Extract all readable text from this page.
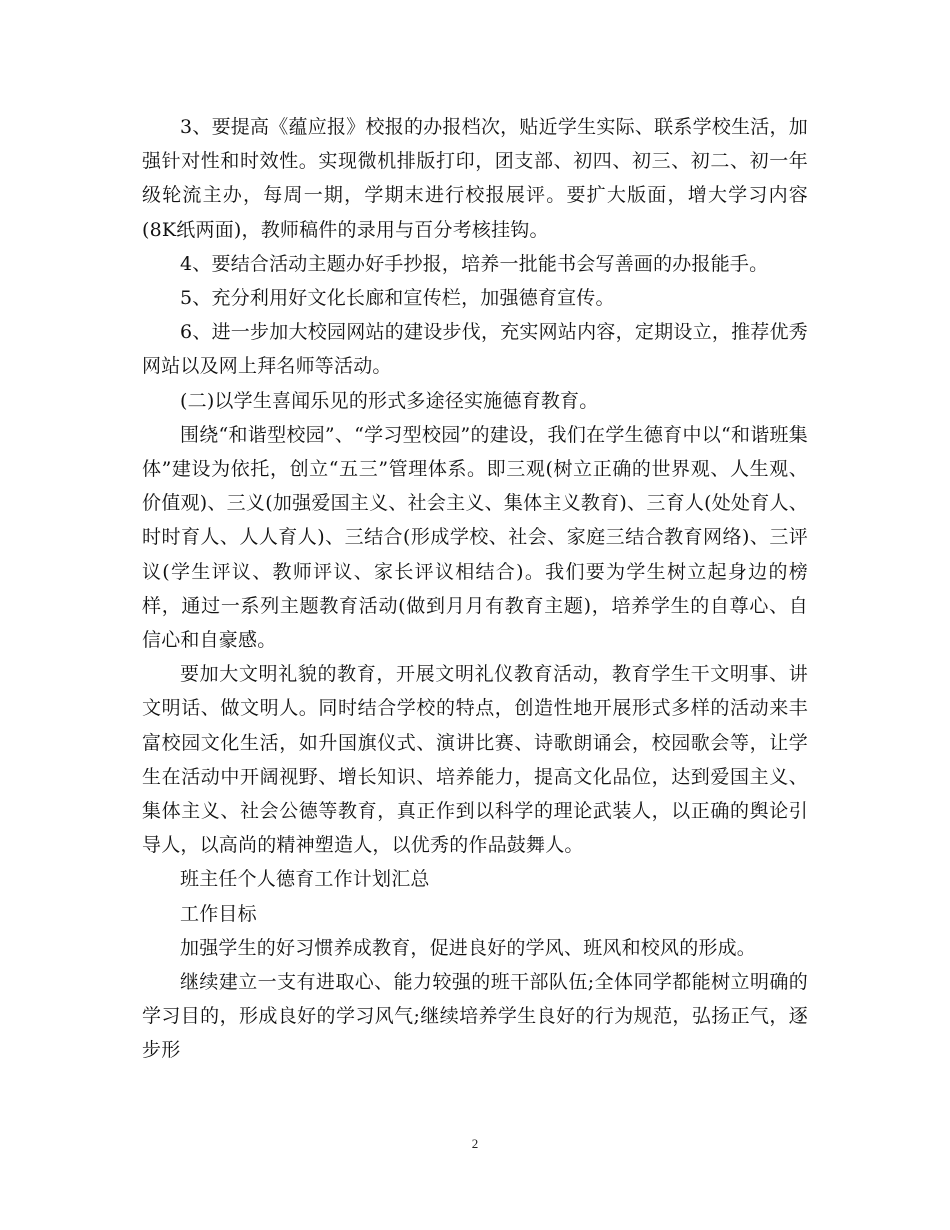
3、要提高《蕴应报》校报的办报档次，贴近学生实际、联系学校生活，加强针对性和时效性。实现微机排版打印，团支部、初四、初三、初二、初一年级轮流主办，每周一期，学期末进行校报展评。要扩大版面，增大学习内容(8K纸两面)，教师稿件的录用与百分考核挂钩。

4、要结合活动主题办好手抄报，培养一批能书会写善画的办报能手。

5、充分利用好文化长廊和宣传栏，加强德育宣传。

6、进一步加大校园网站的建设步伐，充实网站内容，定期设立，推荐优秀网站以及网上拜名师等活动。

(二)以学生喜闻乐见的形式多途径实施德育教育。

围绕“和谐型校园”、“学习型校园”的建设，我们在学生德育中以“和谐班集体”建设为依托，创立“五三”管理体系。即三观(树立正确的世界观、人生观、价值观)、三义(加强爱国主义、社会主义、集体主义教育)、三育人(处处育人、时时育人、人人育人)、三结合(形成学校、社会、家庭三结合教育网络)、三评议(学生评议、教师评议、家长评议相结合)。我们要为学生树立起身边的榜样，通过一系列主题教育活动(做到月月有教育主题)，培养学生的自尊心、自信心和自豪感。

要加大文明礼貌的教育，开展文明礼仪教育活动，教育学生干文明事、讲文明话、做文明人。同时结合学校的特点，创造性地开展形式多样的活动来丰富校园文化生活，如升国旗仪式、演讲比赛、诗歌朗诵会，校园歌会等，让学生在活动中开阔视野、增长知识、培养能力，提高文化品位，达到爱国主义、集体主义、社会公德等教育，真正作到以科学的理论武装人，以正确的舆论引导人，以高尚的精神塑造人，以优秀的作品鼓舞人。

班主任个人德育工作计划汇总

工作目标

加强学生的好习惯养成教育，促进良好的学风、班风和校风的形成。

继续建立一支有进取心、能力较强的班干部队伍;全体同学都能树立明确的学习目的，形成良好的学习风气;继续培养学生良好的行为规范，弘扬正气，逐步形

2
